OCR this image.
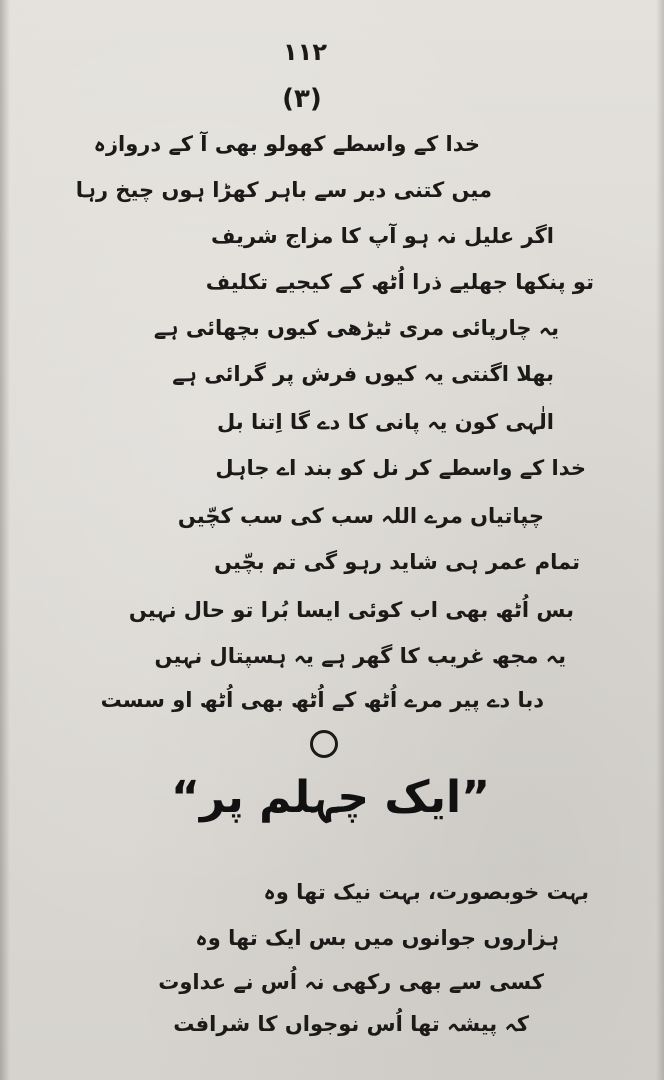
۱۱۲
(۳)
خدا کے واسطے کھولو بھی آ کے دروازہ
میں کتنی دیر سے باہر کھڑا ہوں چیخ رہا
اگر علیل نہ ہو آپ کا مزاج شریف
تو پنکھا جھلیے ذرا اُٹھ کے کیجیے تکلیف
یہ چارپائی مری ٹیڑھی کیوں بچھائی ہے
بھلا اگنتی یہ کیوں فرش پر گرائی ہے
الٰہی کون یہ پانی کا دے گا اِتنا بل
خدا کے واسطے کر نل کو بند اے جاہل
چپاتیاں مرے اللہ سب کی سب کچّیں
تمام عمر ہی شاید رہو گی تم بچّیں
بس اُٹھ بھی اب کوئی ایسا بُرا تو حال نہیں
یہ مجھ غریب کا گھر ہے یہ ہسپتال نہیں
دبا دے پیر مرے اُٹھ کے اُٹھ بھی اُٹھ او سست
”ایک چہلم پر“
بہت خوبصورت، بہت نیک تھا وہ
ہزاروں جوانوں میں بس ایک تھا وہ
کسی سے بھی رکھی نہ اُس نے عداوت
کہ پیشہ تھا اُس نوجواں کا شرافت
